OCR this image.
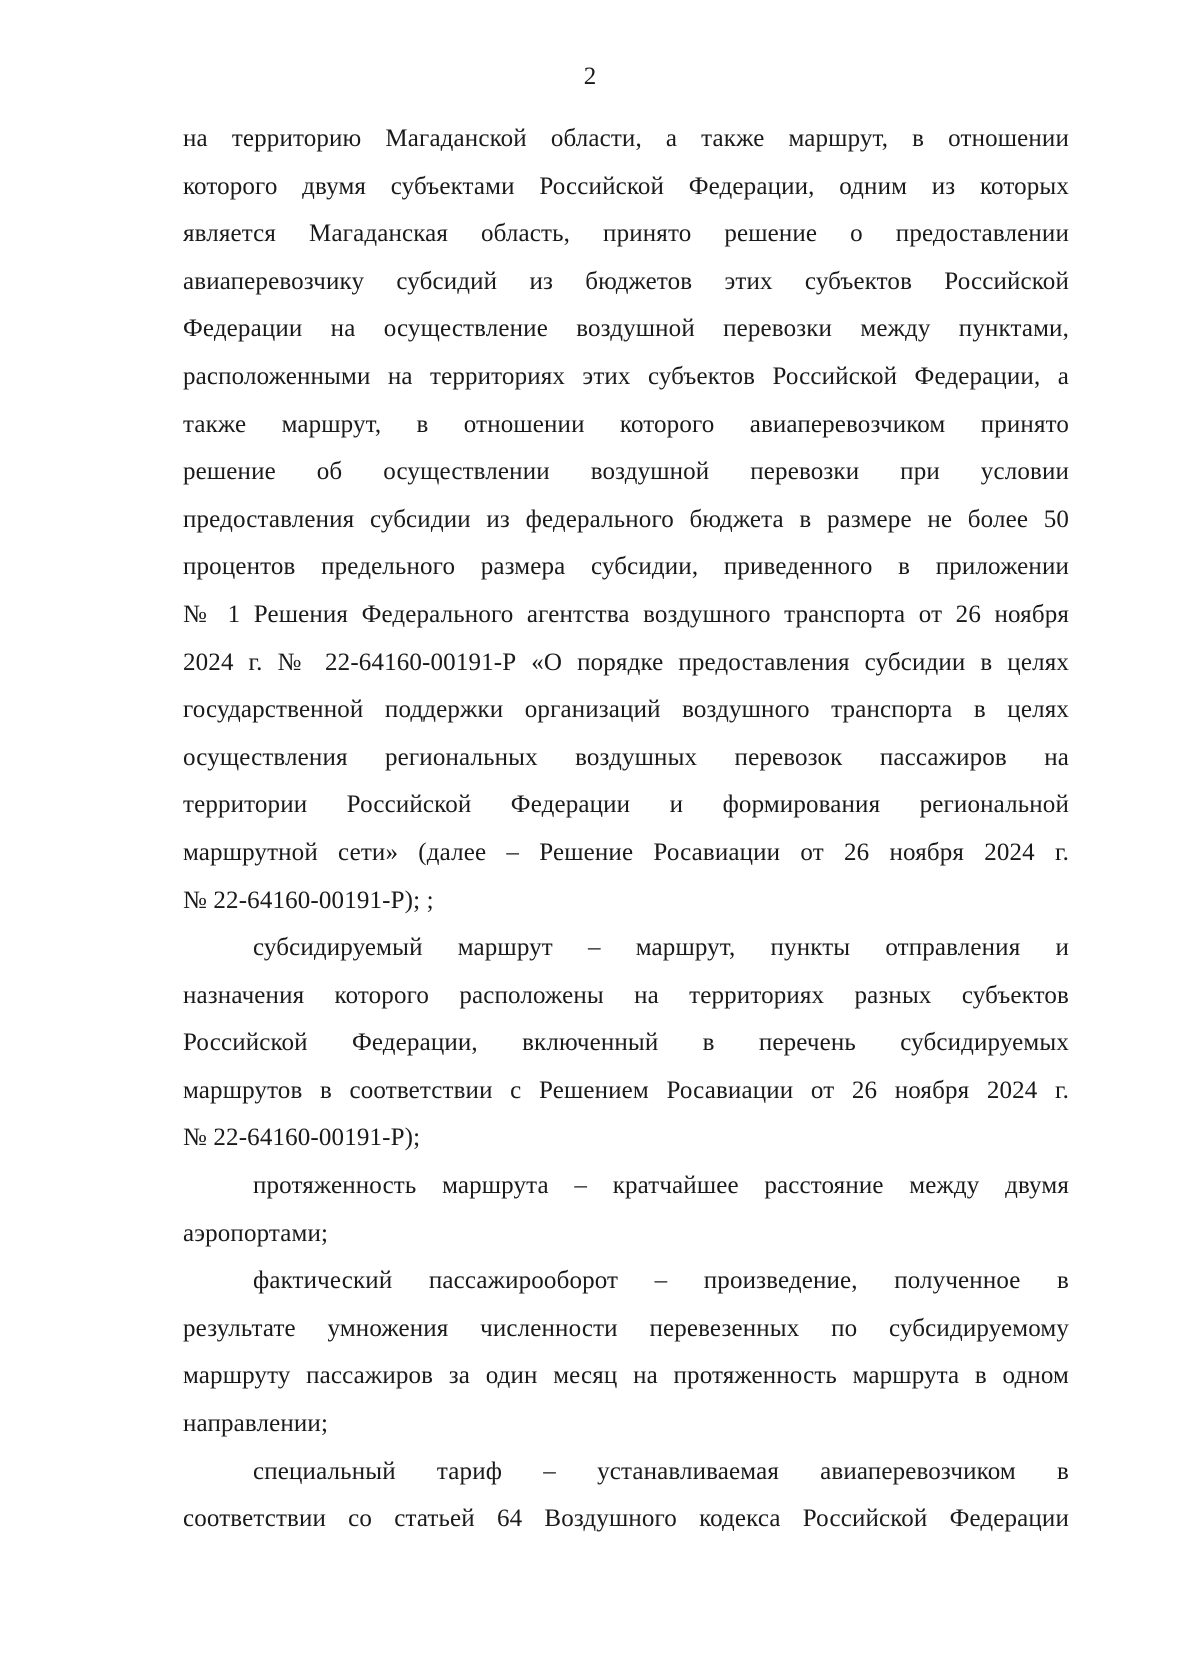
2
на территорию Магаданской области, а также маршрут, в отношении
которого двумя субъектами Российской Федерации, одним из которых
является Магаданская область, принято решение о предоставлении
авиаперевозчику субсидий из бюджетов этих субъектов Российской
Федерации на осуществление воздушной перевозки между пунктами,
расположенными на территориях этих субъектов Российской Федерации, а
также маршрут, в отношении которого авиаперевозчиком принято
решение об осуществлении воздушной перевозки при условии
предоставления субсидии из федерального бюджета в размере не более 50
процентов предельного размера субсидии, приведенного в приложении
№ 1 Решения Федерального агентства воздушного транспорта от 26 ноября
2024 г. № 22-64160-00191-Р «О порядке предоставления субсидии в целях
государственной поддержки организаций воздушного транспорта в целях
осуществления региональных воздушных перевозок пассажиров на
территории Российской Федерации и формирования региональной
маршрутной сети» (далее – Решение Росавиации от 26 ноября 2024 г.
№ 22-64160-00191-Р); ;
субсидируемый маршрут – маршрут, пункты отправления и
назначения которого расположены на территориях разных субъектов
Российской Федерации, включенный в перечень субсидируемых
маршрутов в соответствии с Решением Росавиации от 26 ноября 2024 г.
№ 22-64160-00191-Р);
протяженность маршрута – кратчайшее расстояние между двумя
аэропортами;
фактический пассажирооборот – произведение, полученное в
результате умножения численности перевезенных по субсидируемому
маршруту пассажиров за один месяц на протяженность маршрута в одном
направлении;
специальный тариф – устанавливаемая авиаперевозчиком в
соответствии со статьей 64 Воздушного кодекса Российской Федерации
